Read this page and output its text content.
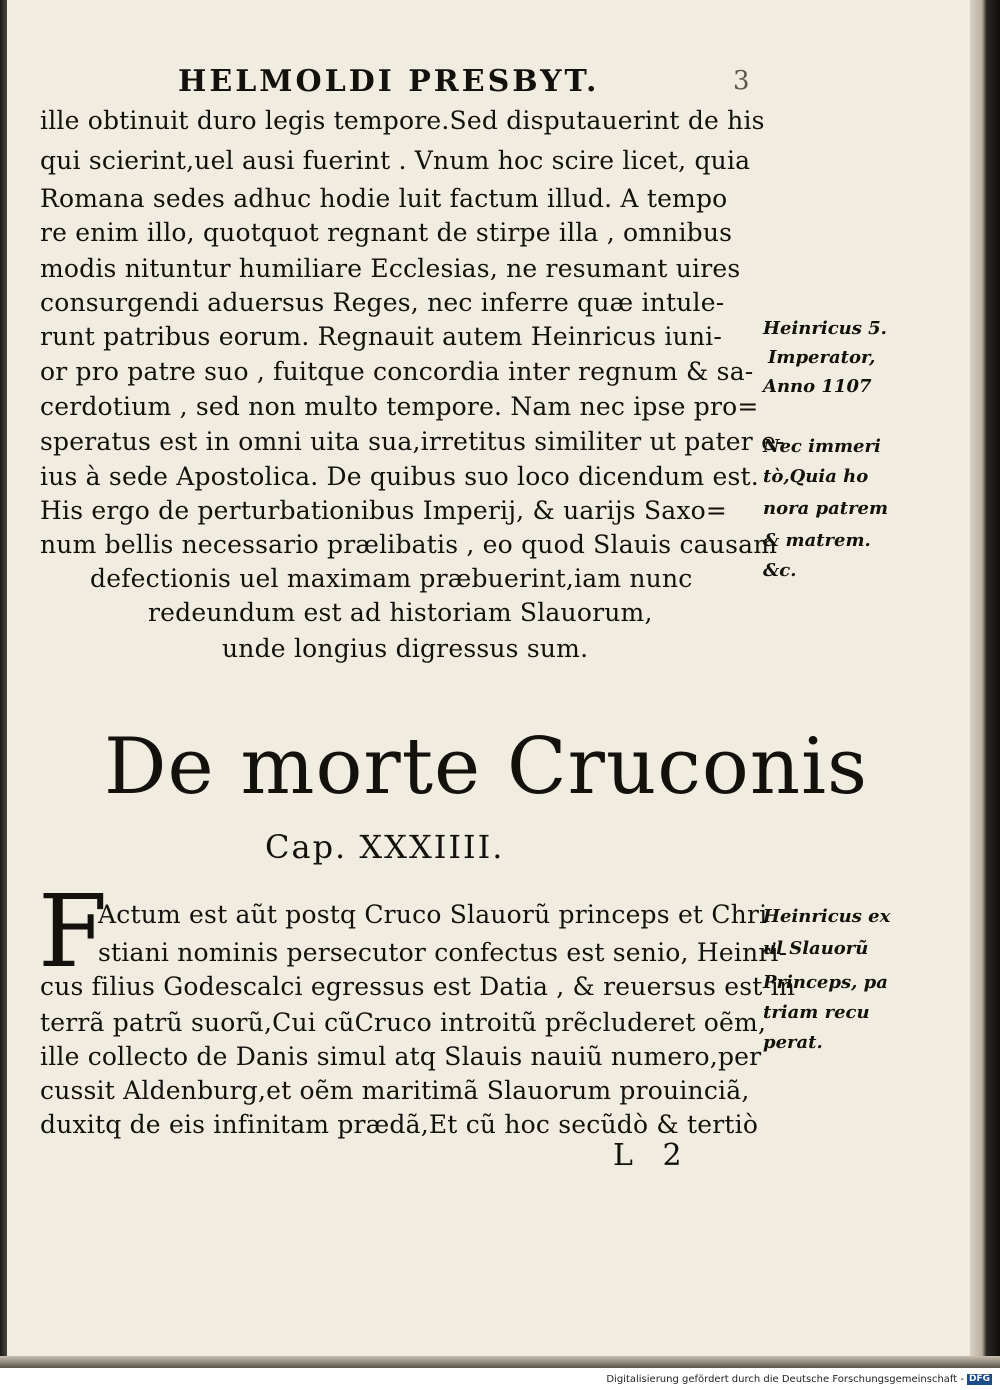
HELMOLDI PRESBYT.	3
ille obtinuit duro legis tempore.Sed disputauerint de his
qui scierint,uel ausi fuerint . Vnum hoc scire licet, quia
Romana sedes adhuc hodie luit factum illud. A tempo
re enim illo, quotquot regnant de stirpe illa , omnibus
modis nituntur humiliare Ecclesias, ne resumant uires
consurgendi aduersus Reges, nec inferre quæ intule-
runt patribus eorum. Regnauit autem Heinricus iuni-
or pro patre suo , fuitque concordia inter regnum & sa-
cerdotium , sed non multo tempore. Nam nec ipse pro=
speratus est in omni uita sua,irretitus similiter ut pater e-
ius à sede Apostolica. De quibus suo loco dicendum est.
His ergo de perturbationibus Imperij, & uarijs Saxo=
num bellis necessario prælibatis , eo quod Slauis causam
defectionis uel maximam præbuerint,iam nunc
redeundum est ad historiam Slauorum,
unde longius digressus sum.
Heinricus 5.
Imperator,
Anno 1107
Nec immeri
tò,Quia ho
nora patrem
& matrem.
&c.
De morte Cruconis
Cap. XXXIIII.
F
Actum est aũt postq Cruco Slauorũ princeps et Chri
stiani nominis persecutor confectus est senio, Heinri-
cus filius Godescalci egressus est Datia , & reuersus est in
terrã patrũ suorũ,Cui cũCruco introitũ prẽcluderet oẽm,
ille collecto de Danis simul atq Slauis nauiũ numero,per
cussit Aldenburg,et oẽm maritimã Slauorum prouinciã,
duxitq de eis infinitam prædã,Et cũ hoc secũdò & tertiò
Heinricus ex
ul Slauorũ
Princeps, pa
triam recu
perat.
L 2
Digitalisierung gefördert durch die Deutsche Forschungsgemeinschaft - DFG
